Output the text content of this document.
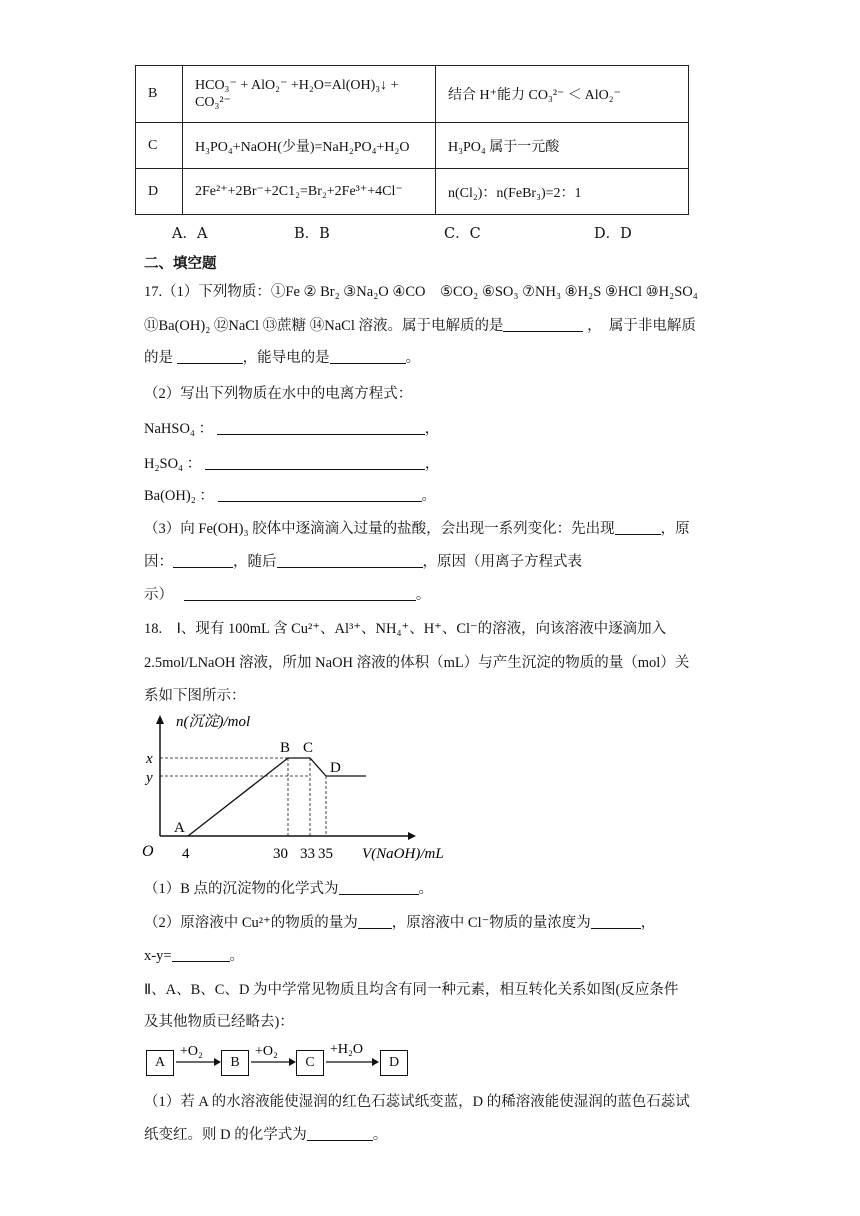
B	HCO₃⁻ + AlO₂⁻ +H₂O=Al(OH)₃↓ + CO₃²⁻	结合 H⁺能力 CO₃²⁻ ＜ AlO₂⁻
C	H₃PO₄+NaOH(少量)=NaH₂PO₄+H₂O	H₃PO₄ 属于一元酸
D	2Fe²⁺+2Br⁻+2C1₂=Br₂+2Fe³⁺+4Cl⁻	n(Cl₂)：n(FeBr₃)=2：1
A．A	B．B	C．C	D．D
二、填空题
17.（1）下列物质：①Fe ② Br₂ ③Na₂O ④CO　⑤CO₂ ⑥SO₃ ⑦NH₃ ⑧H₂S ⑨HCl ⑩H₂SO₄
⑪Ba(OH)₂ ⑫NaCl ⑬蔗糖 ⑭NaCl 溶液。属于电解质的是	，　属于非电解质
的是	，能导电的是	。
（2）写出下列物质在水中的电离方程式：
NaHSO₄ ：	，
H₂SO₄ ：	，
Ba(OH)₂ ：	。
（3）向 Fe(OH)₃ 胶体中逐滴滴入过量的盐酸，会出现一系列变化：先出现	，原
因：	，随后	，原因（用离子方程式表
示）	。
18.　Ⅰ、现有 100mL 含 Cu²⁺、Al³⁺、NH₄⁺、H⁺、Cl⁻的溶液，向该溶液中逐滴加入
2.5mol/LNaOH 溶液，所加 NaOH 溶液的体积（mL）与产生沉淀的物质的量（mol）关
系如下图所示：
n(沉淀)/mol
x
y
O 4	30 33 35 V(NaOH)/mL
A
B C
D
（1）B 点的沉淀物的化学式为	。
（2）原溶液中 Cu²⁺的物质的量为 ，原溶液中 Cl⁻物质的量浓度为	，
x-y=	。
Ⅱ、A、B、C、D 为中学常见物质且均含有同一种元素，相互转化关系如图(反应条件
及其他物质已经略去)：
A	B	C	D
+O₂	+O₂	+H₂O
（1）若 A 的水溶液能使湿润的红色石蕊试纸变蓝，D 的稀溶液能使湿润的蓝色石蕊试
纸变红。则 D 的化学式为	。
